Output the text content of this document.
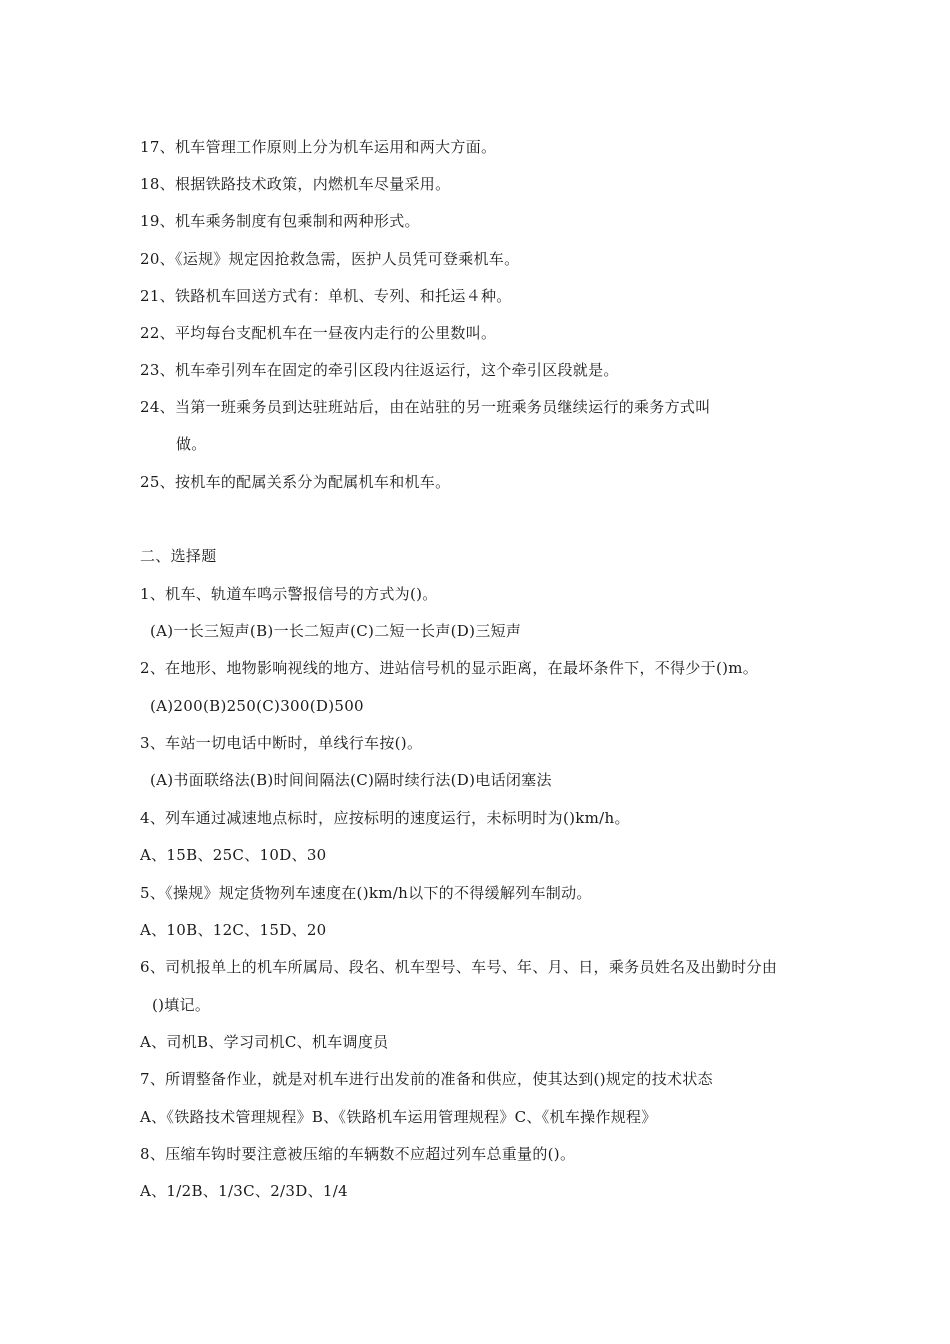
17、机车管理工作原则上分为机车运用和两大方面。
18、根据铁路技术政策，内燃机车尽量采用。
19、机车乘务制度有包乘制和两种形式。
20、《运规》规定因抢救急需，医护人员凭可登乘机车。
21、铁路机车回送方式有：单机、专列、和托运４种。
22、平均每台支配机车在一昼夜内走行的公里数叫。
23、机车牵引列车在固定的牵引区段内往返运行，这个牵引区段就是。
24、当第一班乘务员到达驻班站后，由在站驻的另一班乘务员继续运行的乘务方式叫
做。
25、按机车的配属关系分为配属机车和机车。
二、选择题
1、机车、轨道车鸣示警报信号的方式为()。
(A)一长三短声(B)一长二短声(C)二短一长声(D)三短声
2、在地形、地物影响视线的地方、进站信号机的显示距离，在最坏条件下，不得少于()m。
(A)200(B)250(C)300(D)500
3、车站一切电话中断时，单线行车按()。
(A)书面联络法(B)时间间隔法(C)隔时续行法(D)电话闭塞法
4、列车通过减速地点标时，应按标明的速度运行，未标明时为()km/h。
A、15B、25C、10D、30
5、《操规》规定货物列车速度在()km/h以下的不得缓解列车制动。
A、10B、12C、15D、20
6、司机报单上的机车所属局、段名、机车型号、车号、年、月、日，乘务员姓名及出勤时分由
()填记。
A、司机B、学习司机C、机车调度员
7、所谓整备作业，就是对机车进行出发前的准备和供应，使其达到()规定的技术状态
A、《铁路技术管理规程》B、《铁路机车运用管理规程》C、《机车操作规程》
8、压缩车钩时要注意被压缩的车辆数不应超过列车总重量的()。
A、1/2B、1/3C、2/3D、1/4
